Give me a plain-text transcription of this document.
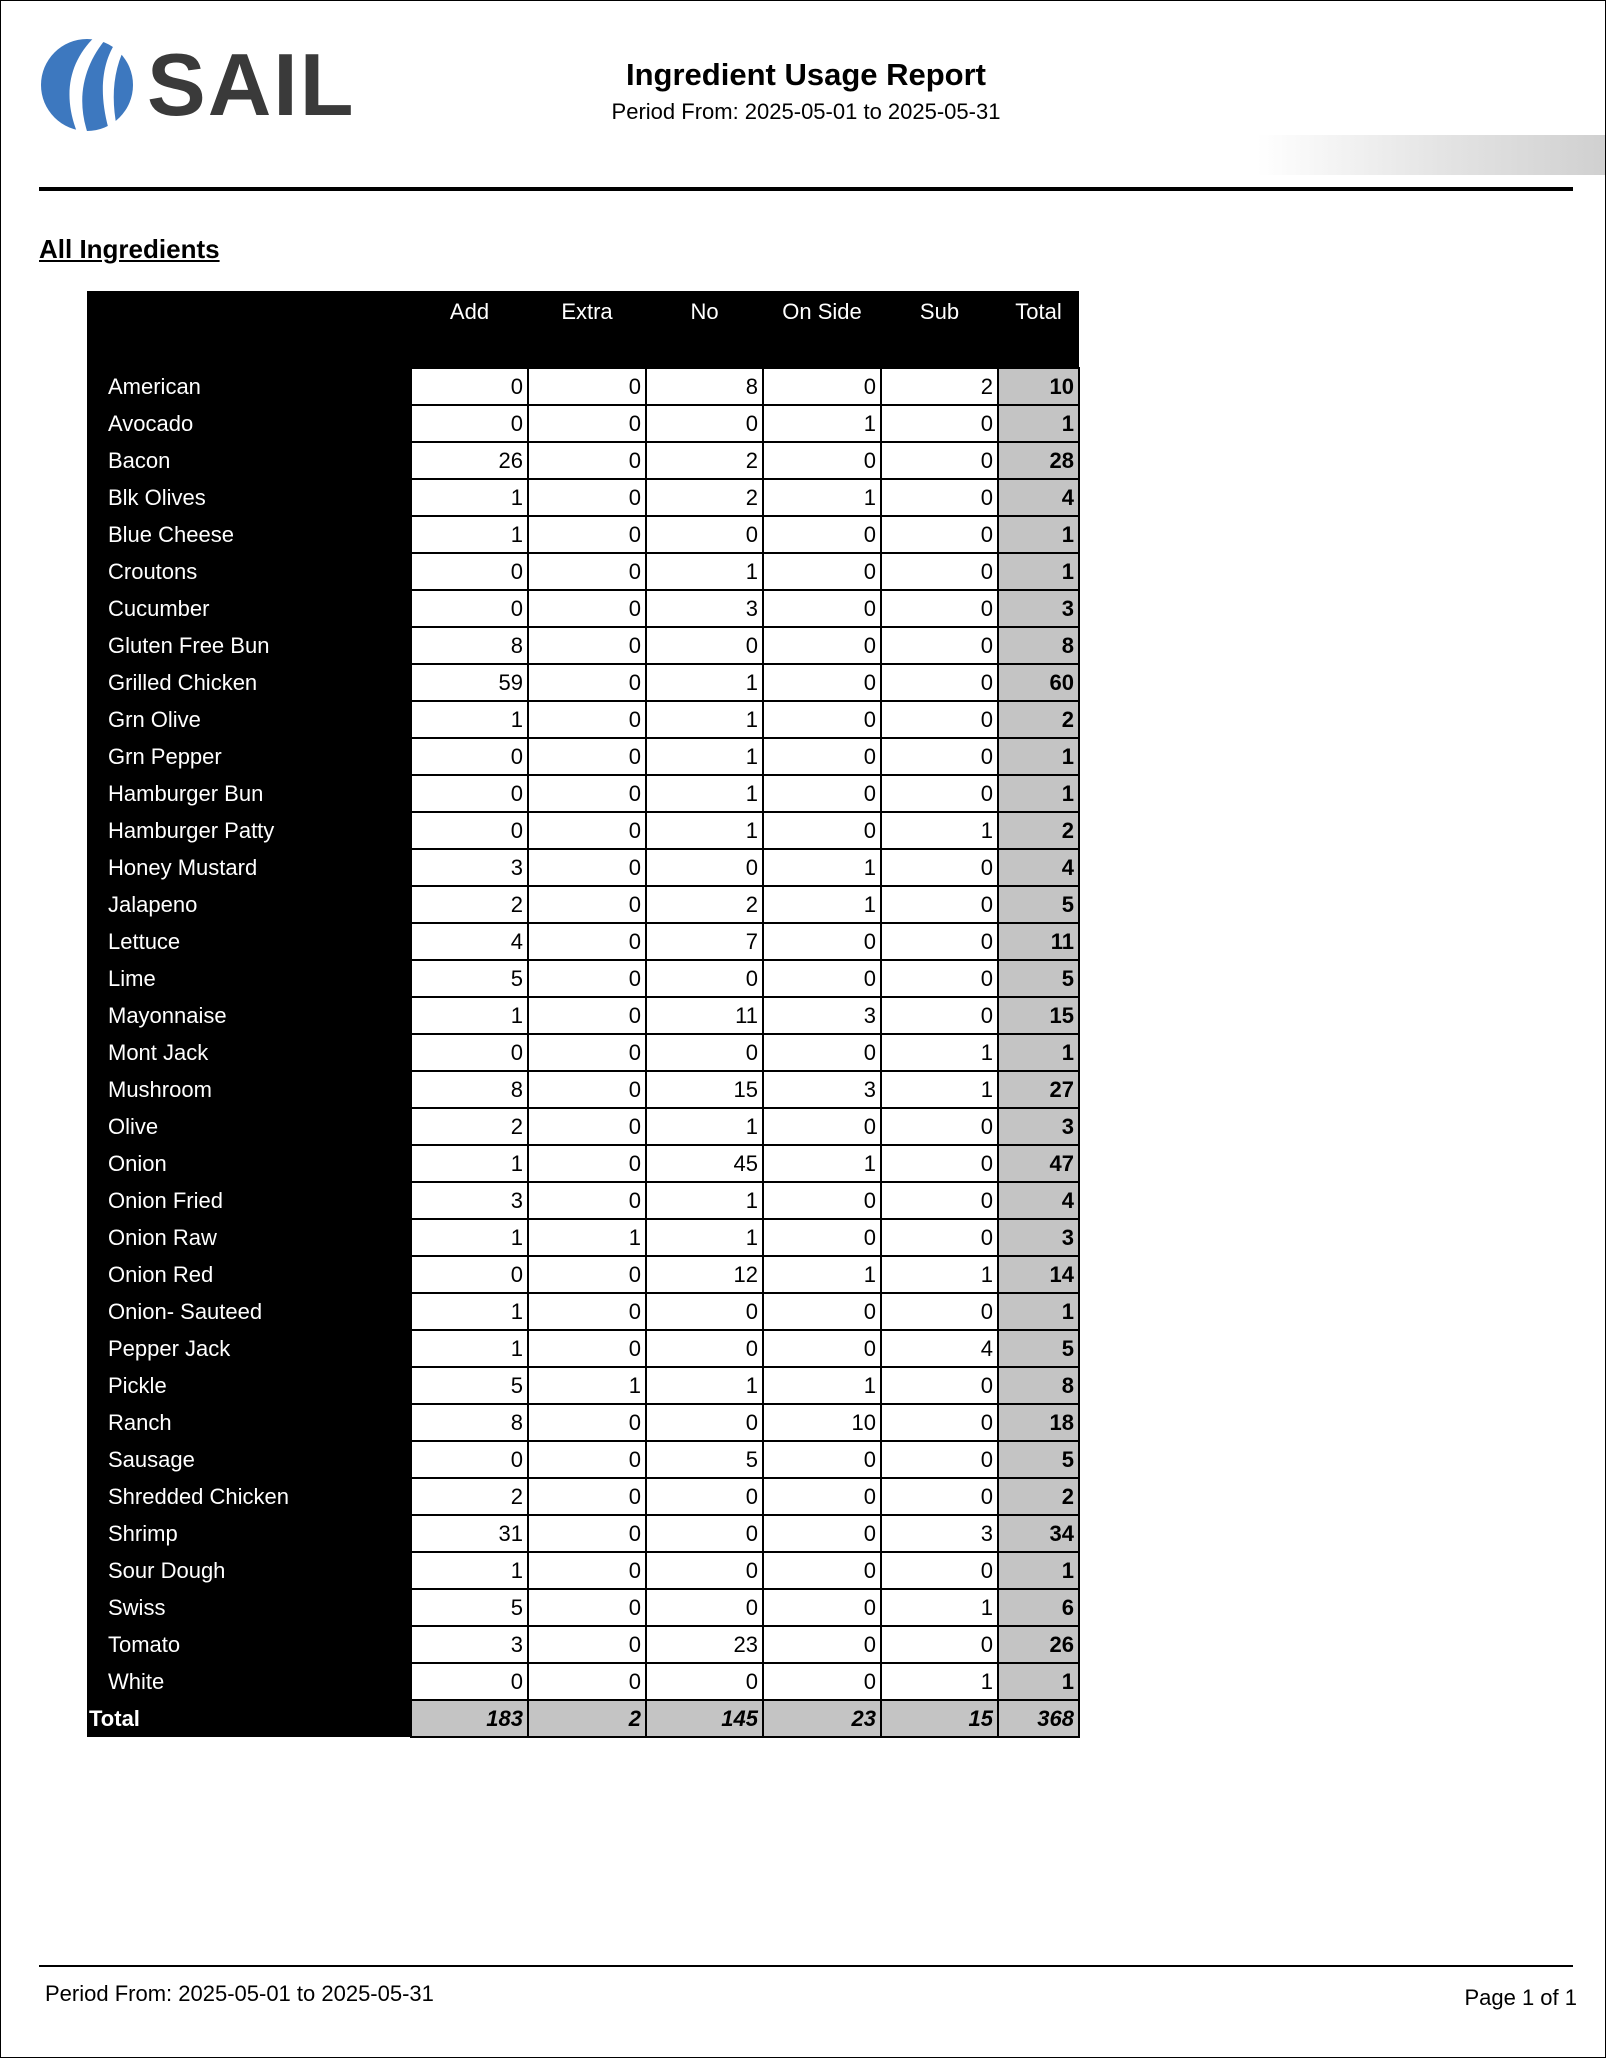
SAIL	Ingredient Usage Report
Period From: 2025-05-01 to 2025-05-31
All Ingredients
	Add	Extra	No	On Side	Sub	Total

American	0	0	8	0	2	10
Avocado	0	0	0	1	0	1
Bacon	26	0	2	0	0	28
Blk Olives	1	0	2	1	0	4
Blue Cheese	1	0	0	0	0	1
Croutons	0	0	1	0	0	1
Cucumber	0	0	3	0	0	3
Gluten Free Bun	8	0	0	0	0	8
Grilled Chicken	59	0	1	0	0	60
Grn Olive	1	0	1	0	0	2
Grn Pepper	0	0	1	0	0	1
Hamburger Bun	0	0	1	0	0	1
Hamburger Patty	0	0	1	0	1	2
Honey Mustard	3	0	0	1	0	4
Jalapeno	2	0	2	1	0	5
Lettuce	4	0	7	0	0	11
Lime	5	0	0	0	0	5
Mayonnaise	1	0	11	3	0	15
Mont Jack	0	0	0	0	1	1
Mushroom	8	0	15	3	1	27
Olive	2	0	1	0	0	3
Onion	1	0	45	1	0	47
Onion Fried	3	0	1	0	0	4
Onion Raw	1	1	1	0	0	3
Onion Red	0	0	12	1	1	14
Onion- Sauteed	1	0	0	0	0	1
Pepper Jack	1	0	0	0	4	5
Pickle	5	1	1	1	0	8
Ranch	8	0	0	10	0	18
Sausage	0	0	5	0	0	5
Shredded Chicken	2	0	0	0	0	2
Shrimp	31	0	0	0	3	34
Sour Dough	1	0	0	0	0	1
Swiss	5	0	0	0	1	6
Tomato	3	0	23	0	0	26
White	0	0	0	0	1	1
Total	183	2	145	23	15	368
Period From: 2025-05-01 to 2025-05-31	Page 1 of 1
